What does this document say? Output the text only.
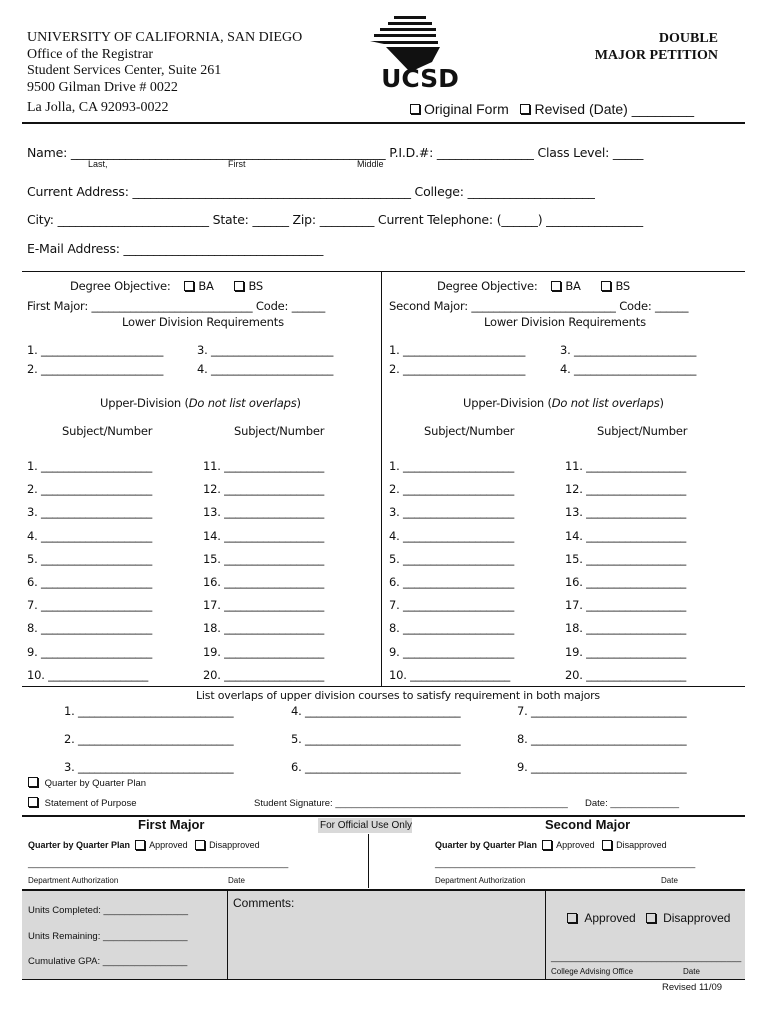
UNIVERSITY OF CALIFORNIA, SAN DIEGO
Office of the Registrar
Student Services Center, Suite 261
9500 Gilman Drive # 0022
La Jolla, CA 92093-0022
UCSD
DOUBLE
MAJOR PETITION
Original Form Revised (Date) ________
Name: ____________________________________________________ P.I.D.#: ________________ Class Level: _____
Last,	First	Middle
Current Address: ______________________________________________ College: _____________________
City: _________________________ State: ______ Zip: _________ Current Telephone: (______) ________________
E-Mail Address: _________________________________
Degree Objective: BA	BS
First Major: _____________________________ Code: ______
Lower Division Requirements
1. ______________________	3. ______________________
2. ______________________	4. ______________________
Upper-Division (Do not list overlaps)
Subject/Number	Subject/Number
1. ____________________
2. ____________________
3. ____________________
4. ____________________
5. ____________________
6. ____________________
7. ____________________
8. ____________________
9. ____________________
10. __________________
11. __________________
12. __________________
13. __________________
14. __________________
15. __________________
16. __________________
17. __________________
18. __________________
19. __________________
20. __________________
Degree Objective: BA	BS
Second Major: __________________________ Code: ______
Lower Division Requirements
1. ______________________	3. ______________________
2. ______________________	4. ______________________
Upper-Division (Do not list overlaps)
Subject/Number	Subject/Number
1. ____________________
2. ____________________
3. ____________________
4. ____________________
5. ____________________
6. ____________________
7. ____________________
8. ____________________
9. ____________________
10. __________________
11. __________________
12. __________________
13. __________________
14. __________________
15. __________________
16. __________________
17. __________________
18. __________________
19. __________________
20. __________________
List overlaps of upper division courses to satisfy requirement in both majors
1. ____________________________	4. ____________________________	7. ____________________________
2. ____________________________	5. ____________________________	8. ____________________________
3. ____________________________	6. ____________________________	9. ____________________________
Quarter by Quarter Plan
Statement of Purpose	Student Signature: ____________________________________________ Date: _____________
For Official Use Only
First Major	Second Major
Quarter by Quarter Plan Approved Disapproved
____________________________________________________
Department Authorization	Date
Quarter by Quarter Plan Approved Disapproved
____________________________________________________
Department Authorization	Date
Units Completed: ________________
Units Remaining: ________________
Cumulative GPA: ________________
Comments:
Approved Disapproved
______________________________________
College Advising Office	Date
Revised 11/09
